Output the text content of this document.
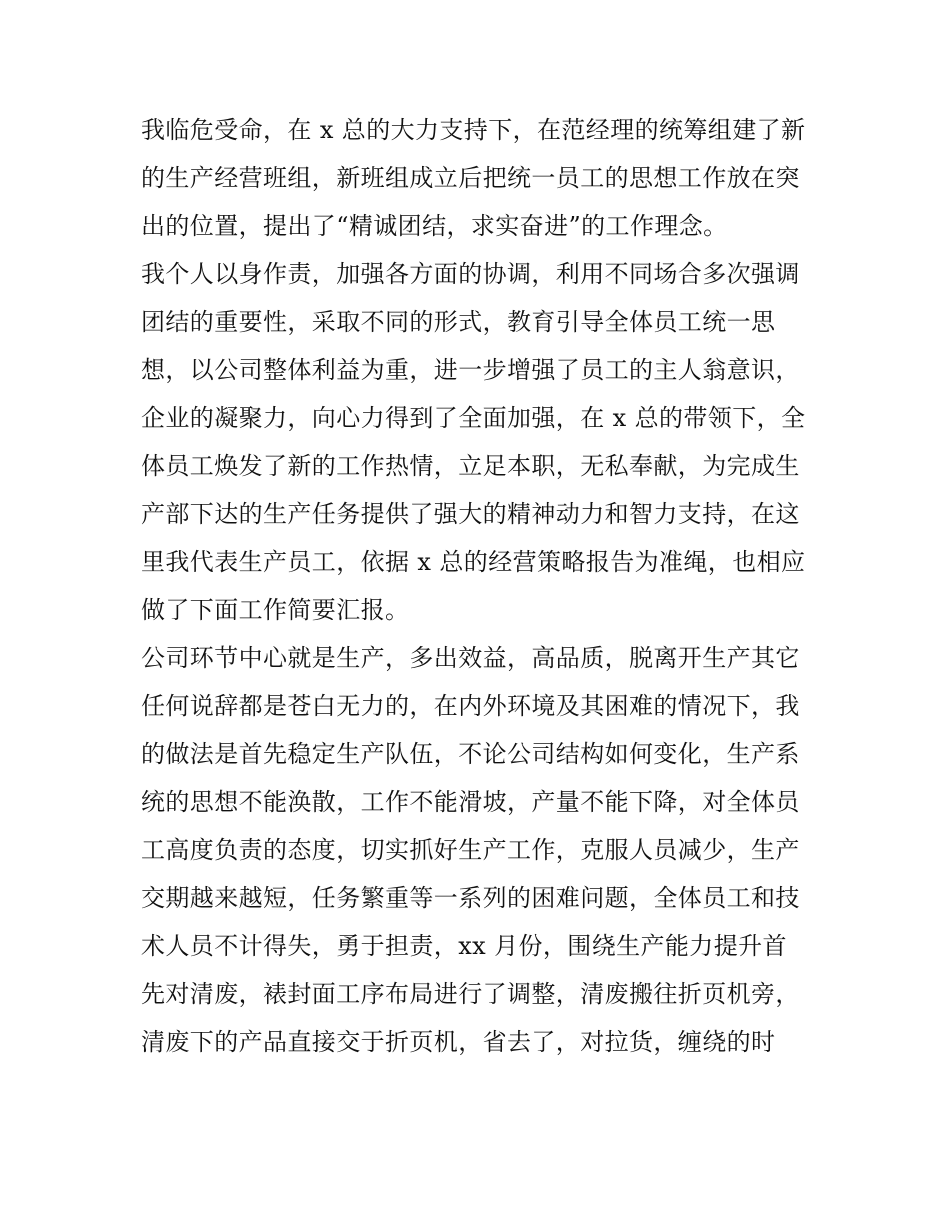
我临危受命，在 x 总的大力支持下，在范经理的统筹组建了新
的生产经营班组，新班组成立后把统一员工的思想工作放在突
出的位置，提出了“精诚团结，求实奋进”的工作理念。
我个人以身作责，加强各方面的协调，利用不同场合多次强调
团结的重要性，采取不同的形式，教育引导全体员工统一思
想，以公司整体利益为重，进一步增强了员工的主人翁意识，
企业的凝聚力，向心力得到了全面加强，在 x 总的带领下，全
体员工焕发了新的工作热情，立足本职，无私奉献，为完成生
产部下达的生产任务提供了强大的精神动力和智力支持，在这
里我代表生产员工，依据 x 总的经营策略报告为准绳，也相应
做了下面工作简要汇报。
公司环节中心就是生产，多出效益，高品质，脱离开生产其它
任何说辞都是苍白无力的，在内外环境及其困难的情况下，我
的做法是首先稳定生产队伍，不论公司结构如何变化，生产系
统的思想不能涣散，工作不能滑坡，产量不能下降，对全体员
工高度负责的态度，切实抓好生产工作，克服人员减少，生产
交期越来越短，任务繁重等一系列的困难问题，全体员工和技
术人员不计得失，勇于担责，xx 月份，围绕生产能力提升首
先对清废，裱封面工序布局进行了调整，清废搬往折页机旁，
清废下的产品直接交于折页机，省去了，对拉货，缠绕的时
